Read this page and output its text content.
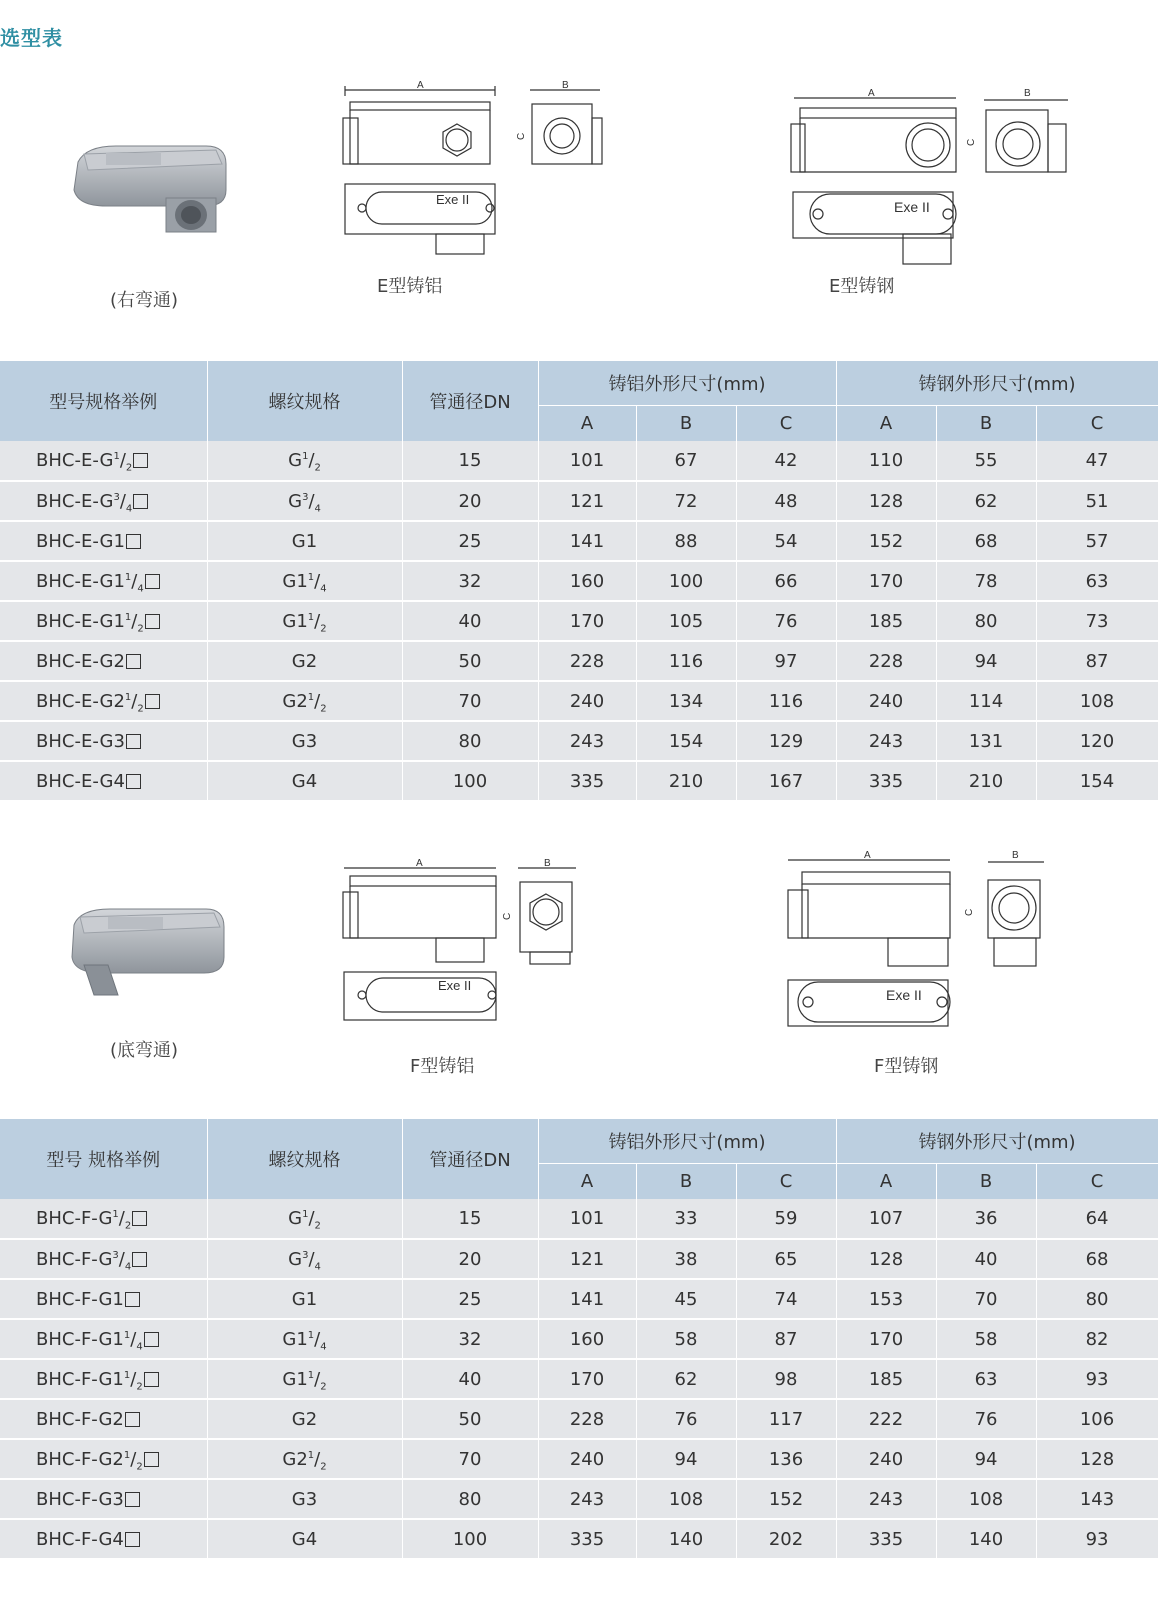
选型表
(右弯通)
A	B
C
Exe II
E型铸铝
A	B
C
Exe II
E型铸钢
型号规格举例	螺纹规格	管通径DN	铸铝外形尺寸(mm)			铸钢外形尺寸(mm)		
			A	B	C	A	B	C
BHC-$E-G^1/_2$	$G^1/_2$	15	101	67	42	110	55	47
BHC-$E-G^3/_4$	$G^3/_4$	20	121	72	48	128	62	51
BHC-E-G1	G1	25	141	88	54	152	68	57
BHC-$E-G1^1/_4$	$G1^1/_4$	32	160	100	66	170	78	63
BHC-$E-G1^1/_2$	$G1^1/_2$	40	170	105	76	185	80	73
BHC-E-G2	G2	50	228	116	97	228	94	87
BHC-$E-G2^1/_2$	$G2^1/_2$	70	240	134	116	240	114	108
BHC-E-G3	G3	80	243	154	129	243	131	120
BHC-E-G4	G4	100	335	210	167	335	210	154
(底弯通)
A	B
C
Exe II
F型铸铝
A	B
C
Exe II
F型铸钢
型号 规格举例	螺纹规格	管通径DN	铸铝外形尺寸(mm)			铸钢外形尺寸(mm)		
			A	B	C	A	B	C
BHC-$F-G^1/_2$	$G^1/_2$	15	101	33	59	107	36	64
BHC-$F-G^3/_4$	$G^3/_4$	20	121	38	65	128	40	68
BHC-F-G1	G1	25	141	45	74	153	70	80
BHC-$F-G1^1/_4$	$G1^1/_4$	32	160	58	87	170	58	82
BHC-$F-G1^1/_2$	$G1^1/_2$	40	170	62	98	185	63	93
BHC-F-G2	G2	50	228	76	117	222	76	106
BHC-$F-G2^1/_2$	$G2^1/_2$	70	240	94	136	240	94	128
BHC-F-G3	G3	80	243	108	152	243	108	143
BHC-F-G4	G4	100	335	140	202	335	140	93
